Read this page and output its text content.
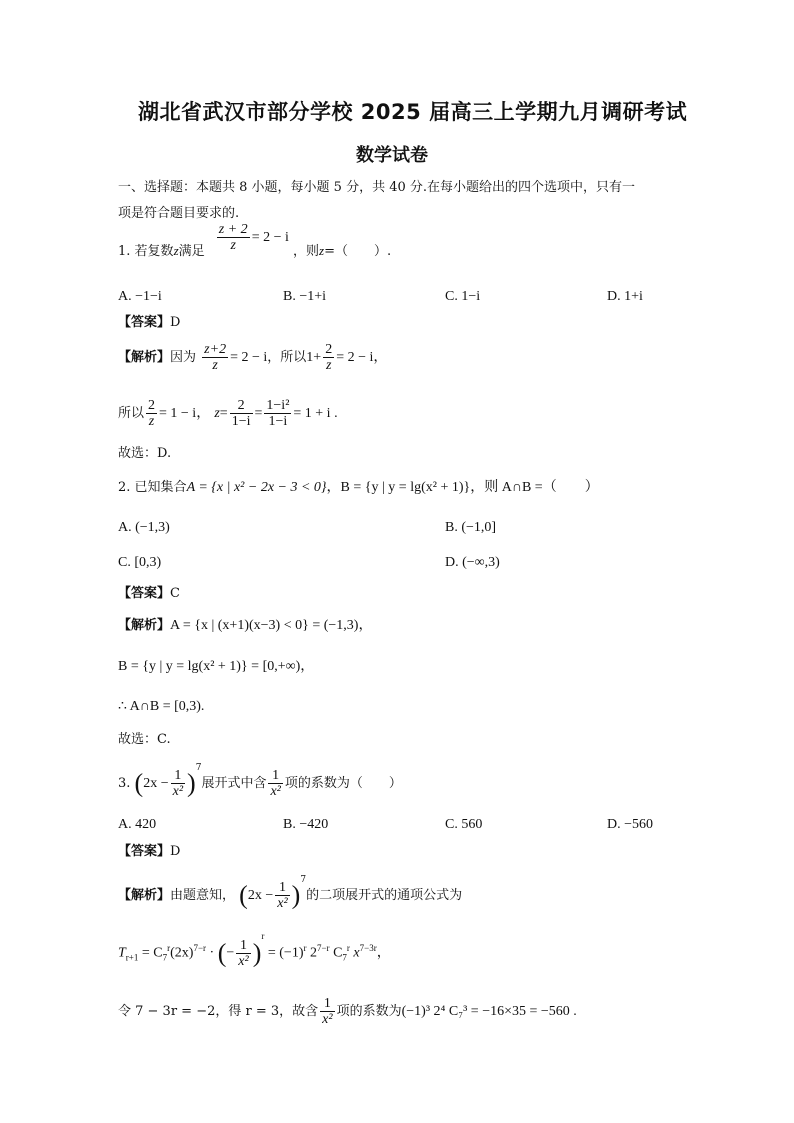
湖北省武汉市部分学校 2025 届高三上学期九月调研考试
数学试卷
一、选择题：本题共 8 小题，每小题 5 分，共 40 分.在每小题给出的四个选项中，只有一
项是符合题目要求的.
1. 若复数z满足 $\frac{z + 2}{z} = 2 - i$ ，则z=（　　）.
A. −1−i	B. −1+i	C. 1−i	D. 1+i
【答案】D
【解析】因为 $\frac{z+2}{z} = 2 - i$，所以$1+ \frac{2}{z} = 2 - i$，
所以 $\frac{2}{z} = 1 - i$， $z= \frac{2}{1-i} = \frac{\text{1−i²}}{1-i} = 1 + i$ .
故选：D.
2. 已知集合A = {x | x² − 2x − 3 < 0}，B = {y | y = lg(x² + 1)}，则 A∩B =（　　）
A. (−1,3)	B. (−1,0]
C. [0,3)	D. (−∞,3)
【答案】C
【解析】A = {x | (x+1)(x−3) < 0} = (−1,3)，
B = {y | y = lg(x² + 1)} = [0,+∞)，
∴ A∩B = [0,3).
故选：C.
3. $(2x - \frac{1}{\text{x²}} )^7$展开式中含 $\frac{1}{\text{x²}}$ 项的系数为（　　）
A. 420	B. −420	C. 560	D. −560
【答案】D
【解析】由题意知， $(2x - \frac{1}{\text{x²}} )^7$的二项展开式的通项公式为
$T_{r+1} = C_7^r(2x)^{7-r}$ · (− $\frac{1}{\text{x²}} )^r = (-1)^r$ $2^{7-r}$ $C_7^r$ $x^{7-3r}$，
令 7 − 3r = −2，得 r = 3，故含 $\frac{1}{\text{x²}}$ 项的系数为(−1)³ 2⁴ C₇³ = −16×35 = −560 .
